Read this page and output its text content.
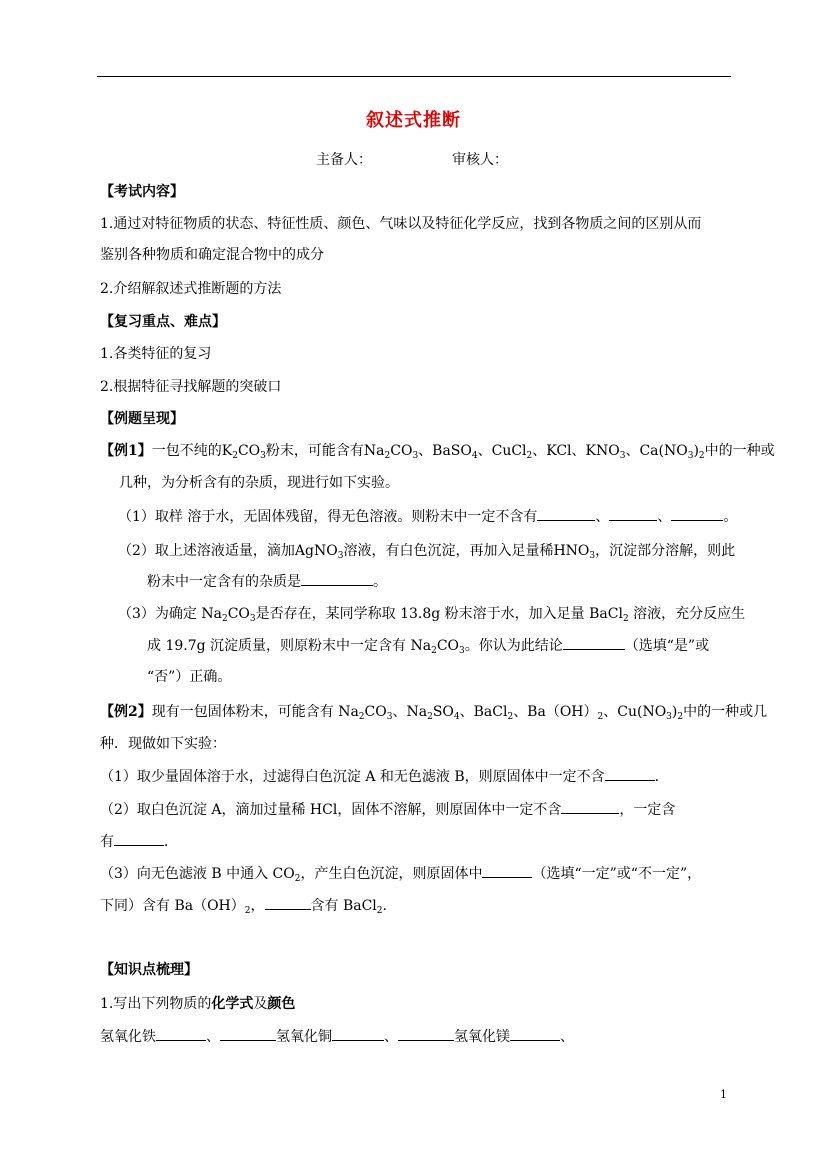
叙述式推断
主备人：	审核人：
【考试内容】
1.通过对特征物质的状态、特征性质、颜色、气味以及特征化学反应，找到各物质之间的区别从而
鉴别各种物质和确定混合物中的成分
2.介绍解叙述式推断题的方法
【复习重点、难点】
1.各类特征的复习
2.根据特征寻找解题的突破口
【例题呈现】
【例1】一包不纯的$K_2CO_3$粉末，可能含有$Na_2CO_3$、BaSO$_4$、CuCl$_2$、KCl、$KNO_3$、$Ca(NO_3)_2$中的一种或
几种，为分析含有的杂质，现进行如下实验。
（1）取样 溶于水，无固体残留，得无色溶液。则粉末中一定不含有	、	、	。
（2）取上述溶液适量，滴加AgNO$_3$溶液，有白色沉淀，再加入足量稀$HNO_3$，沉淀部分溶解，则此
粉末中一定含有的杂质是	。
（3）为确定 $Na_2CO_3$是否存在，某同学称取 13.8g 粉末溶于水，加入足量 BaCl$_2$ 溶液，充分反应生
成 19.7g 沉淀质量，则原粉末中一定含有 $Na_2CO_3$。你认为此结论	（选填“是”或
“否”）正确。
【例2】现有一包固体粉末，可能含有 $Na_2CO_3$、$Na_2SO_4$、BaCl$_2$、$Ba(OH)_2$、$Cu(NO_3)_2$中的一种或几
种．现做如下实验：
（1）取少量固体溶于水，过滤得白色沉淀 A 和无色滤液 B，则原固体中一定不含	．
（2）取白色沉淀 A，滴加过量稀 HCl，固体不溶解，则原固体中一定不含	，一定含
有	．
（3）向无色滤液 B 中通入 $CO_2$，产生白色沉淀，则原固体中	（选填“一定”或“不一定”，
下同）含有 $Ba(OH)_2$，	含有 BaCl$_2$.
【知识点梳理】
1.写出下列物质的化学式及颜色
氢氧化铁	、	氢氧化铜	、	氢氧化镁	、
1
